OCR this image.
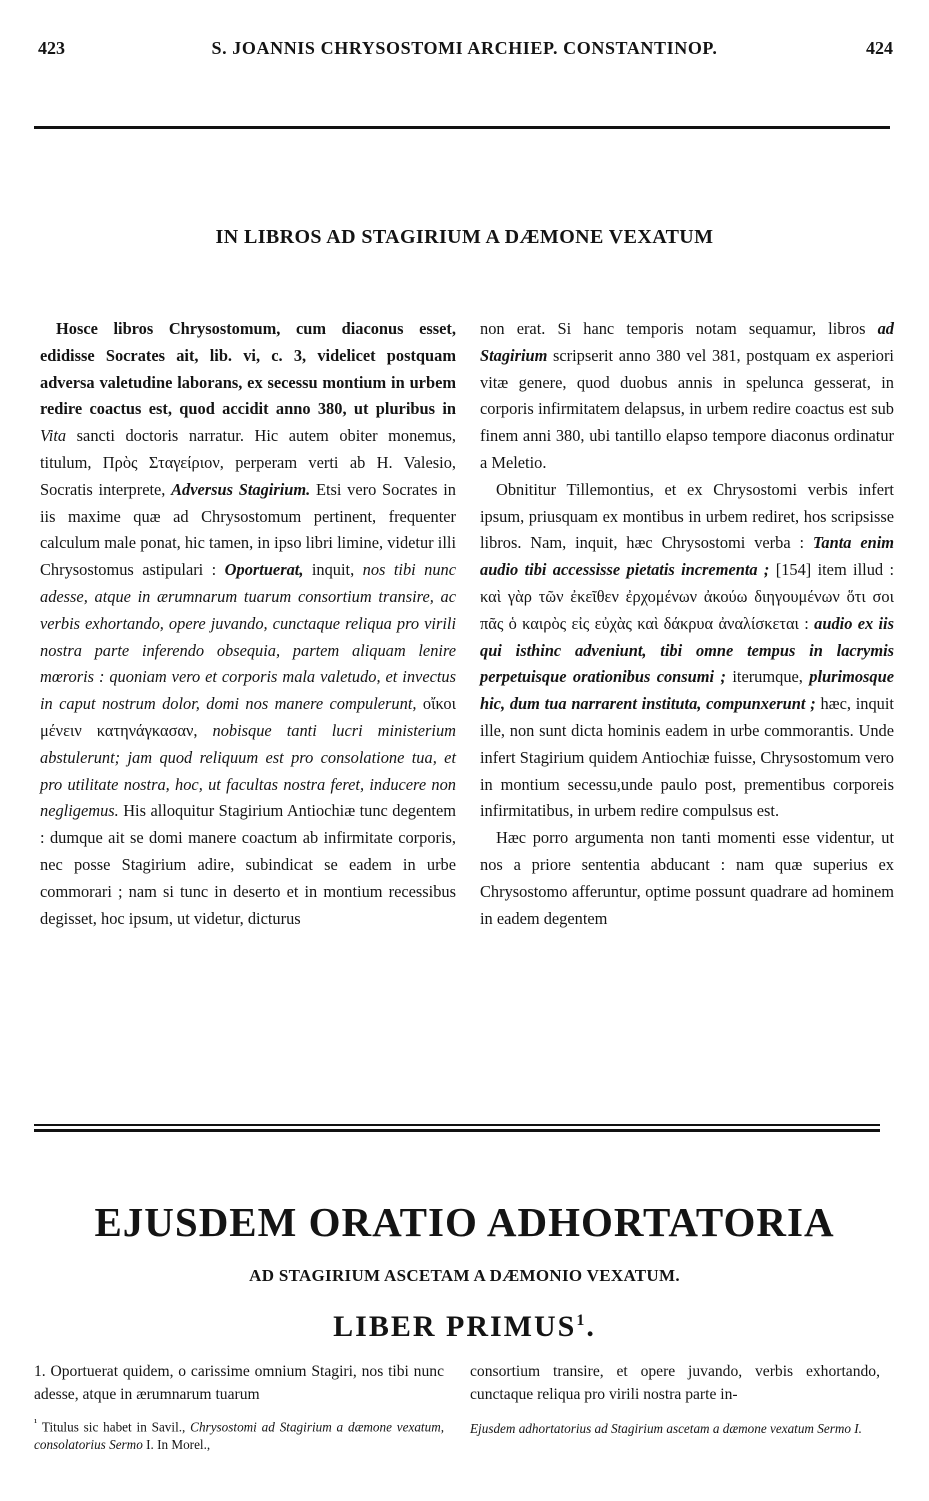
423	S. JOANNIS CHRYSOSTOMI ARCHIEP. CONSTANTINOP.	424
IN LIBROS AD STAGIRIUM A DÆMONE VEXATUM

Hosce libros Chrysostomum, cum diaconus esset, edidisse Socrates ait, lib. vi, c. 3, videlicet postquam adversa valetudine laborans, ex secessu montium in urbem redire coactus est, quod accidit anno 380, ut pluribus in Vita sancti doctoris narratur. Hic autem obiter monemus, titulum, Πρὸς Σταγείριον, perperam verti ab H. Valesio, Socratis interprete, Adversus Stagirium. Etsi vero Socrates in iis maxime quæ ad Chrysostomum pertinent, frequenter calculum male ponat, hic tamen, in ipso libri limine, videtur illi Chrysostomus astipulari : Oportuerat, inquit, nos tibi nunc adesse, atque in ærumnarum tuarum consortium transire, ac verbis exhortando, opere juvando, cunctaque reliqua pro virili nostra parte inferendo obsequia, partem aliquam lenire mœroris : quoniam vero et corporis mala valetudo, et invectus in caput nostrum dolor, domi nos manere compulerunt, οἴκοι μένειν κατηνάγκασαν, nobisque tanti lucri ministerium abstulerunt; jam quod reliquum est pro consolatione tua, et pro utilitate nostra, hoc, ut facultas nostra feret, inducere non negligemus. His alloquitur Stagirium Antiochiæ tunc degentem : dumque ait se domi manere coactum ab infirmitate corporis, nec posse Stagirium adire, subindicat se eadem in urbe commorari ; nam si tunc in deserto et in montium recessibus degisset, hoc ipsum, ut videtur, dicturus

non erat. Si hanc temporis notam sequamur, libros ad Stagirium scripserit anno 380 vel 381, postquam ex asperiori vitæ genere, quod duobus annis in spelunca gesserat, in corporis infirmitatem delapsus, in urbem redire coactus est sub finem anni 380, ubi tantillo elapso tempore diaconus ordinatur a Meletio.

Obnititur Tillemontius, et ex Chrysostomi verbis infert ipsum, priusquam ex montibus in urbem rediret, hos scripsisse libros. Nam, inquit, hæc Chrysostomi verba : Tanta enim audio tibi accessisse pietatis incrementa ; [154] item illud : καὶ γὰρ τῶν ἐκεῖθεν ἐρχομένων ἀκούω διηγουμένων ὅτι σοι πᾶς ὁ καιρὸς εἰς εὐχὰς καὶ δάκρυα ἀναλίσκεται : audio ex iis qui isthinc adveniunt, tibi omne tempus in lacrymis perpetuisque orationibus consumi ; iterumque, plurimosque hic, dum tua narrarent instituta, compunxerunt ; hæc, inquit ille, non sunt dicta hominis eadem in urbe commorantis. Unde infert Stagirium quidem Antiochiæ fuisse, Chrysostomum vero in montium secessu,unde paulo post, prementibus corporeis infirmitatibus, in urbem redire compulsus est.

Hæc porro argumenta non tanti momenti esse videntur, ut nos a priore sententia abducant : nam quæ superius ex Chrysostomo afferuntur, optime possunt quadrare ad hominem in eadem degentem

EJUSDEM ORATIO ADHORTATORIA
AD STAGIRIUM ASCETAM A DÆMONIO VEXATUM.
LIBER PRIMUS$^1$.

1. Oportuerat quidem, o carissime omnium Stagiri, nos tibi nunc adesse, atque in ærumnarum tuarum

consortium transire, et opere juvando, verbis exhortando, cunctaque reliqua pro virili nostra parte in-

$^{^1}$ Titulus sic habet in Savil., Chrysostomi ad Stagirium a dæmone vexatum, consolatorius Sermo I. In Morel.,

Ejusdem adhortatorius ad Stagirium ascetam a dæmone vexatum Sermo I.
